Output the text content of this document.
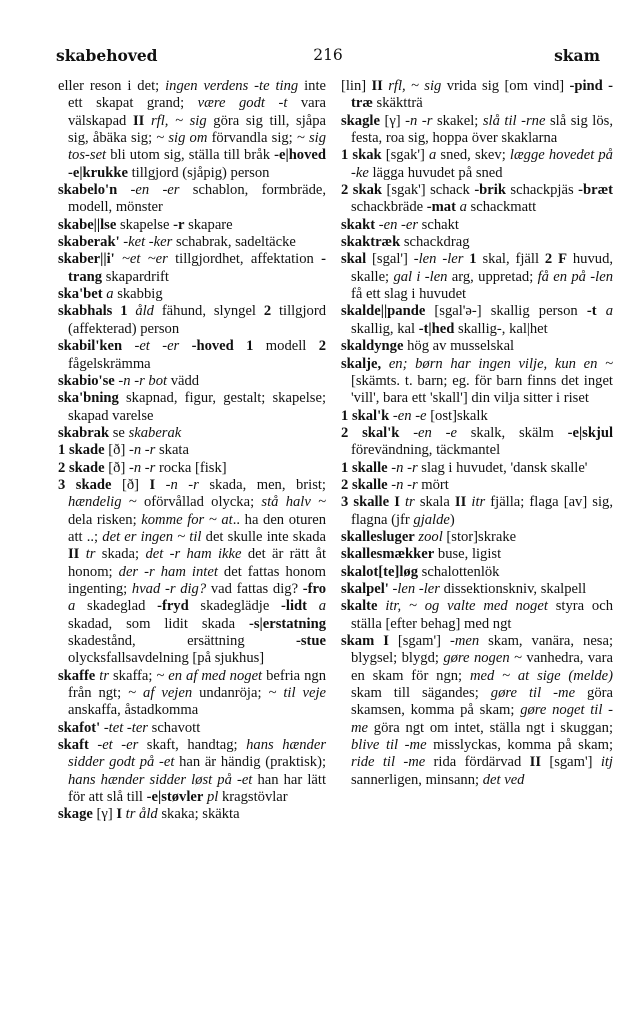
skabehoved	216	skam

eller reson i det; ingen verdens -te ting inte ett skapat grand; være godt -t vara välskapad II rfl, ~ sig göra sig till, sjåpa sig, åbäka sig; ~ sig om förvandla sig; ~ sig tos-set bli utom sig, ställa till bråk -e|hoved -e|krukke tillgjord (sjåpig) person

skabelo'n -en -er schablon, formbräde, modell, mönster

skabe||lse skapelse -r skapare

skaberak' -ket -ker schabrak, sadeltäcke

skaber||i' ~et ~er tillgjordhet, affektation -trang skapardrift

ska'bet a skabbig

skabhals 1 åld fähund, slyngel 2 tillgjord (affekterad) person

skabil'ken -et -er -hoved 1 modell 2 fågelskrämma

skabio'se -n -r bot vädd

ska'bning skapnad, figur, gestalt; skapelse; skapad varelse

skabrak se skaberak

1 skade [ð] -n -r skata

2 skade [ð] -n -r rocka [fisk]

3 skade [ð] I -n -r skada, men, brist; hændelig ~ oförvållad olycka; stå halv ~ dela risken; komme for ~ at.. ha den oturen att ..; det er ingen ~ til det skulle inte skada II tr skada; det -r ham ikke det är rätt åt honom; der -r ham intet det fattas honom ingenting; hvad -r dig? vad fattas dig? -fro a skadeglad -fryd skadeglädje -lidt a skadad, som lidit skada -s|erstatning skadestånd, ersättning -stue olycksfallsavdelning [på sjukhus]

skaffe tr skaffa; ~ en af med noget befria ngn från ngt; ~ af vejen undanröja; ~ til veje anskaffa, åstadkomma

skafot' -tet -ter schavott

skaft -et -er skaft, handtag; hans hænder sidder godt på -et han är händig (praktisk); hans hænder sidder løst på -et han har lätt för att slå till -e|støvler pl kragstövlar

skage [γ] I tr åld skaka; skäkta

[lin] II rfl, ~ sig vrida sig [om vind] -pind -træ skäktträ

skagle [γ] -n -r skakel; slå til -rne slå sig lös, festa, roa sig, hoppa över skaklarna

1 skak [sgak'] a sned, skev; lægge hovedet på -ke lägga huvudet på sned

2 skak [sgak'] schack -brik schackpjäs -bræt schackbräde -mat a schackmatt

skakt -en -er schakt

skaktræk schackdrag

skal [sgal'] -len -ler 1 skal, fjäll 2 F huvud, skalle; gal i -len arg, uppretad; få en på -len få ett slag i huvudet

skalde||pande [sgal'ə-] skallig person -t a skallig, kal -t|hed skallig-, kal|het

skaldyngе hög av musselskal

skalje, en; børn har ingen vilje, kun en ~ [skämts. t. barn; eg. för barn finns det inget 'vill', bara ett 'skall'] din vilja sitter i riset

1 skal'k -en -e [ost]skalk

2 skal'k -en -e skalk, skälm -e|skjul förevändning, täckmantel

1 skalle -n -r slag i huvudet, 'dansk skalle'

2 skalle -n -r mört

3 skalle I tr skala II itr fjälla; flaga [av] sig, flagna (jfr gjalde)

skallesluger zool [stor]skrake

skallesmækker buse, ligist

skalot[te]løg schalottenlök

skalpel' -len -ler dissektionskniv, skalpell

skalte itr, ~ og valte med noget styra och ställa [efter behag] med ngt

skam I [sgam'] -men skam, vanära, nesa; blygsel; blygd; gøre nogen ~ vanhedra, vara en skam för ngn; med ~ at sige (melde) skam till sägandes; gøre til -me göra skamsen, komma på skam; gøre noget til -me göra ngt om intet, ställa ngt i skuggan; blive til -me misslyckas, komma på skam; ride til -me rida fördärvad II [sgam'] itj sannerligen, minsann; det ved
